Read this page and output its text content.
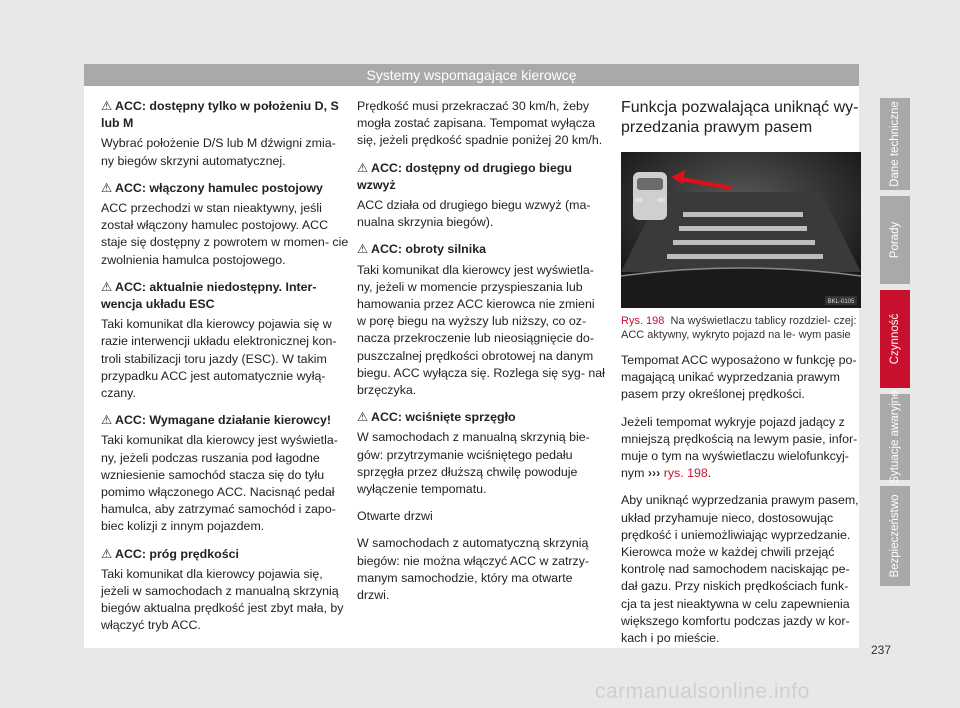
Systemy wspomagające kierowcę
⚠ ACC: dostępny tylko w położeniu D, S lub M

Wybrać położenie D/S lub M dźwigni zmia- ny biegów skrzyni automatycznej.

⚠ ACC: włączony hamulec postojowy

ACC przechodzi w stan nieaktywny, jeśli został włączony hamulec postojowy. ACC staje się dostępny z powrotem w momen- cie zwolnienia hamulca postojowego.

⚠ ACC: aktualnie niedostępny. Inter- wencja układu ESC

Taki komunikat dla kierowcy pojawia się w razie interwencji układu elektronicznej kon- troli stabilizacji toru jazdy (ESC). W takim przypadku ACC jest automatycznie wyłą- czany.

⚠ ACC: Wymagane działanie kierowcy!

Taki komunikat dla kierowcy jest wyświetla- ny, jeżeli podczas ruszania pod łagodne wzniesienie samochód stacza się do tyłu pomimo włączonego ACC. Nacisnąć pedał hamulca, aby zatrzymać samochód i zapo- biec kolizji z innym pojazdem.

⚠ ACC: próg prędkości

Taki komunikat dla kierowcy pojawia się, jeżeli w samochodach z manualną skrzynią biegów aktualna prędkość jest zbyt mała, by włączyć tryb ACC.

Prędkość musi przekraczać 30 km/h, żeby mogła zostać zapisana. Tempomat wyłącza się, jeżeli prędkość spadnie poniżej 20 km/h.

⚠ ACC: dostępny od drugiego biegu wzwyż

ACC działa od drugiego biegu wzwyż (ma- nualna skrzynia biegów).

⚠ ACC: obroty silnika

Taki komunikat dla kierowcy jest wyświetla- ny, jeżeli w momencie przyspieszania lub hamowania przez ACC kierowca nie zmieni w porę biegu na wyższy lub niższy, co oz- nacza przekroczenie lub nieosiągnięcie do- puszczalnej prędkości obrotowej na danym biegu. ACC wyłącza się. Rozlega się syg- nał brzęczyka.

⚠ ACC: wciśnięte sprzęgło

W samochodach z manualną skrzynią bie- gów: przytrzymanie wciśniętego pedału sprzęgła przez dłuższą chwilę powoduje wyłączenie tempomatu.

Otwarte drzwi

W samochodach z automatyczną skrzynią biegów: nie można włączyć ACC w zatrzy- manym samochodzie, który ma otwarte drzwi.

Funkcja pozwalająca uniknąć wy- przedzania prawym pasem
BKL-0105

Rys. 198 Na wyświetlaczu tablicy rozdziel- czej: ACC aktywny, wykryto pojazd na le- wym pasie

Tempomat ACC wyposażono w funkcję po- magającą unikać wyprzedzania prawym pasem przy określonej prędkości.

Jeżeli tempomat wykryje pojazd jadący z mniejszą prędkością na lewym pasie, infor- muje o tym na wyświetlaczu wielofunkcyj- nym ››› rys. 198.

Aby uniknąć wyprzedzania prawym pasem, układ przyhamuje nieco, dostosowując prędkość i uniemożliwiając wyprzedzanie. Kierowca może w każdej chwili przejąć kontrolę nad samochodem naciskając pe- dał gazu. Przy niskich prędkościach funk- cja ta jest nieaktywna w celu zapewnienia większego komfortu podczas jazdy w kor- kach i po mieście.

Dane techniczne
Porady
Czynność
Sytuacje awaryjne
Bezpieczeństwo
237
carmanualsonline.info
